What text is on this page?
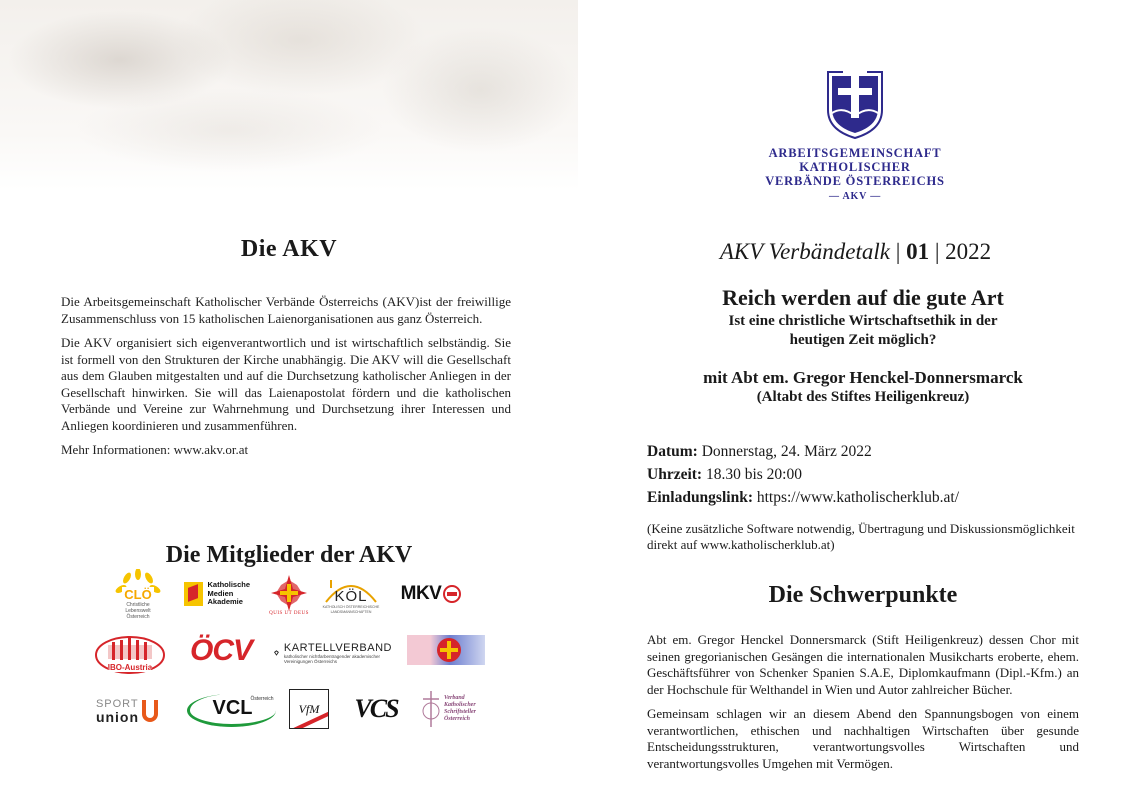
Die AKV

Die Arbeitsgemeinschaft Katholischer Verbände Österreichs (AKV)ist der freiwillige Zusammenschluss von 15 katholischen Laienorganisationen aus ganz Österreich.

Die AKV organisiert sich eigenverantwortlich und ist wirtschaftlich selbständig. Sie ist formell von den Strukturen der Kirche unabhängig. Die AKV will die Gesellschaft aus dem Glauben mitgestalten und auf die Durchsetzung katholischer Anliegen in der Gesellschaft hinwirken. Sie will das Laienapostolat fördern und die katholischen Verbände und Vereine zur Wahrnehmung und Durchsetzung ihrer Interessen und Anliegen koordinieren und zusammenführen.

Mehr Informationen: www.akv.or.at

Die Mitglieder der AKV
CLÖ
Christliche
Lebenswelt
Österreich
Katholische
Medien
Akademie
QUIS UT DEUS
KÖL
KATHOLISCH ÖSTERREICHISCHE LANDSMANNSCHAFTEN
MKV
IBO-Austria ÖCV	KARTELLVERBAND
katholischer nichtfarbentragender akademischer Vereinigungen Österreichs
SPORT
union	VCL
Österreich
VfM VCS	Verband
Katholischer
Schriftsteller
Österreich
ARBEITSGEMEINSCHAFT
KATHOLISCHER
VERBÄNDE ÖSTERREICHS
— AKV —
AKV Verbändetalk | 01 | 2022
Reich werden auf die gute Art
Ist eine christliche Wirtschaftsethik in der
heutigen Zeit möglich?
mit Abt em. Gregor Henckel-Donnersmarck
(Altabt des Stiftes Heiligenkreuz)
Datum: Donnerstag, 24. März 2022
Uhrzeit: 18.30 bis 20:00
Einladungslink: https://www.katholischerklub.at/
(Keine zusätzliche Software notwendig, Übertragung und Diskussionsmöglichkeit direkt auf www.katholischerklub.at)
Die Schwerpunkte

Abt em. Gregor Henckel Donnersmarck (Stift Heiligenkreuz) dessen Chor mit seinen gregorianischen Gesängen die internationalen Musikcharts eroberte, ehem. Geschäftsführer von Schenker Spanien S.A.E, Diplomkaufmann (Dipl.-Kfm.) an der Hochschule für Welthandel in Wien und Autor zahlreicher Bücher.

Gemeinsam schlagen wir an diesem Abend den Spannungsbogen von einem verantwortlichen, ethischen und nachhaltigen Wirtschaften über gesunde Entscheidungsstrukturen, verantwortungsvolles Wirtschaften und verantwortungsvolles Umgehen mit Vermögen.
